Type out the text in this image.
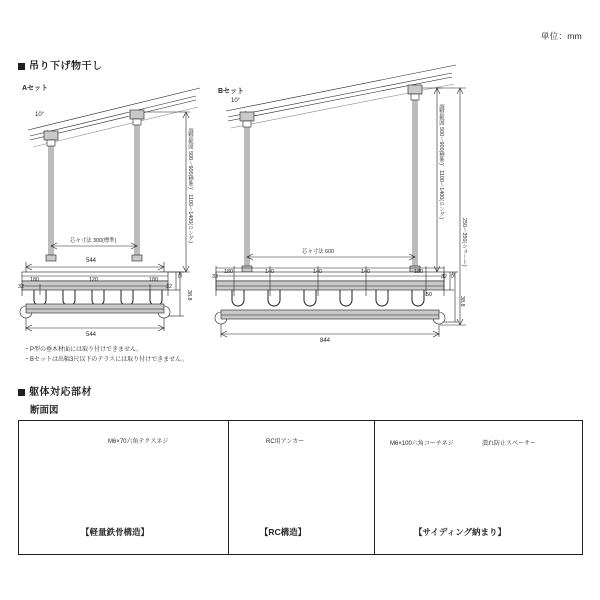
単位：mm
吊り下げ物干し
Aセット
10°
芯々寸法 300(標準)	調整範囲 500～900(標準)、1100～1400(ロング)
544
544
32
180	120	180
32
45
38.8
Bセット
10°
芯々寸法 600
調整範囲 500～900(標準)、1100～1400(ロング)
250～350(ショート)
844
32
180	140	140	140	180
32
50
45
38.8
・P型の垂木材面には取り付けできません。
・Bセットは出幅3尺以下のテラスには取り付けできません。
躯体対応部材
断面図
M6×70六角テクスネジ	RC用アンカー	M6×100六角コーチネジ	潰れ防止スペーサー
【軽量鉄骨構造】	【RC構造】	【サイディング納まり】
